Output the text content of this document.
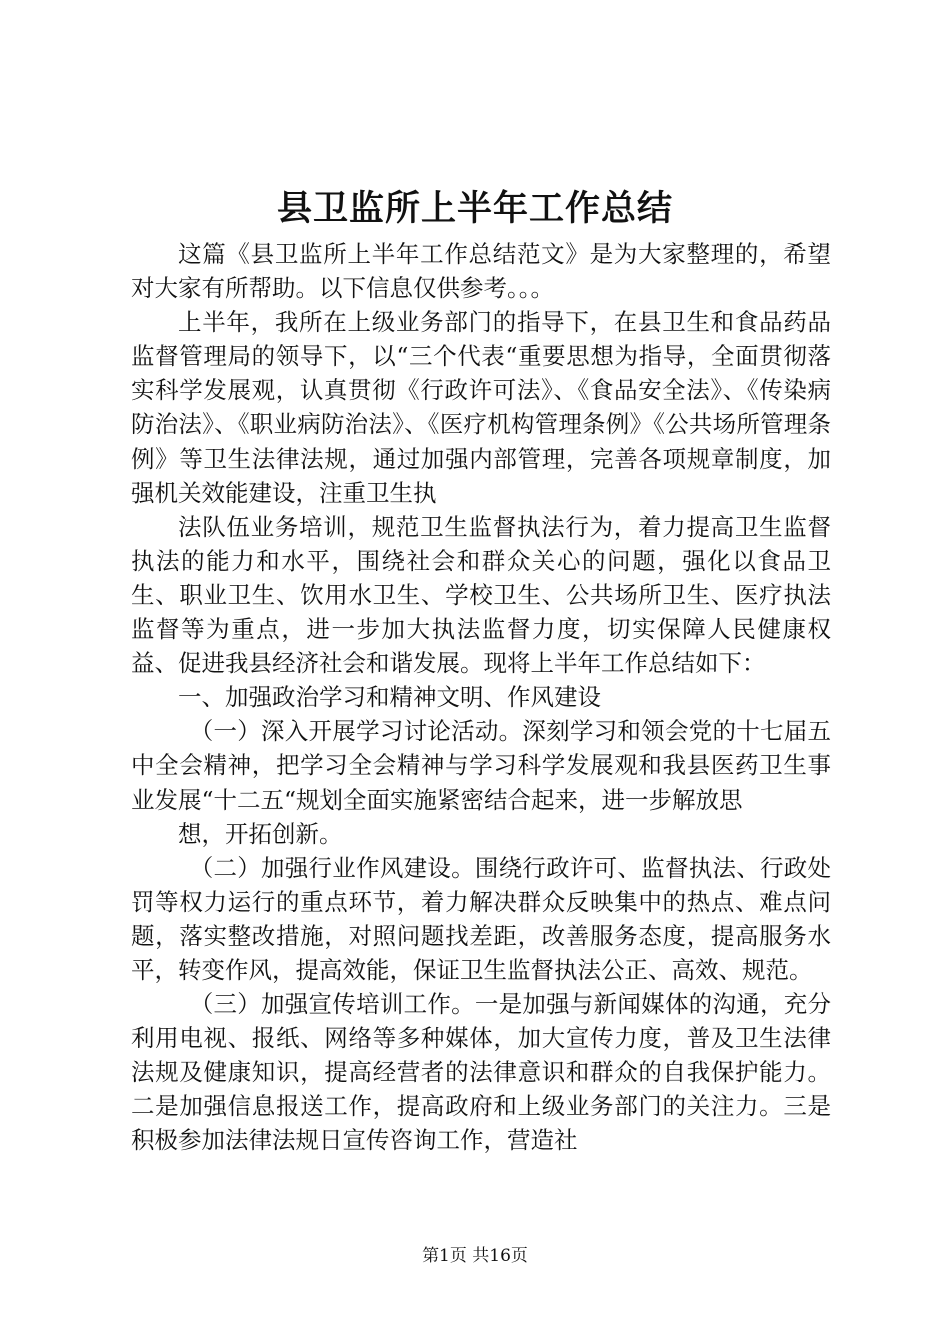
县卫监所上半年工作总结

这篇《县卫监所上半年工作总结范文》是为大家整理的，希望对大家有所帮助。以下信息仅供参考。。。

上半年，我所在上级业务部门的指导下，在县卫生和食品药品监督管理局的领导下，以“三个代表“重要思想为指导，全面贯彻落实科学发展观，认真贯彻《行政许可法》、《食品安全法》、《传染病防治法》、《职业病防治法》、《医疗机构管理条例》《公共场所管理条例》等卫生法律法规，通过加强内部管理，完善各项规章制度，加强机关效能建设，注重卫生执

法队伍业务培训，规范卫生监督执法行为，着力提高卫生监督执法的能力和水平，围绕社会和群众关心的问题，强化以食品卫生、职业卫生、饮用水卫生、学校卫生、公共场所卫生、医疗执法监督等为重点，进一步加大执法监督力度，切实保障人民健康权益、促进我县经济社会和谐发展。现将上半年工作总结如下：

一、加强政治学习和精神文明、作风建设

（一）深入开展学习讨论活动。深刻学习和领会党的十七届五中全会精神，把学习全会精神与学习科学发展观和我县医药卫生事业发展“十二五“规划全面实施紧密结合起来，进一步解放思

想，开拓创新。

（二）加强行业作风建设。围绕行政许可、监督执法、行政处罚等权力运行的重点环节，着力解决群众反映集中的热点、难点问题，落实整改措施，对照问题找差距，改善服务态度，提高服务水平，转变作风，提高效能，保证卫生监督执法公正、高效、规范。

（三）加强宣传培训工作。一是加强与新闻媒体的沟通，充分利用电视、报纸、网络等多种媒体，加大宣传力度，普及卫生法律法规及健康知识，提高经营者的法律意识和群众的自我保护能力。二是加强信息报送工作，提高政府和上级业务部门的关注力。三是积极参加法律法规日宣传咨询工作，营造社

第1页 共16页
